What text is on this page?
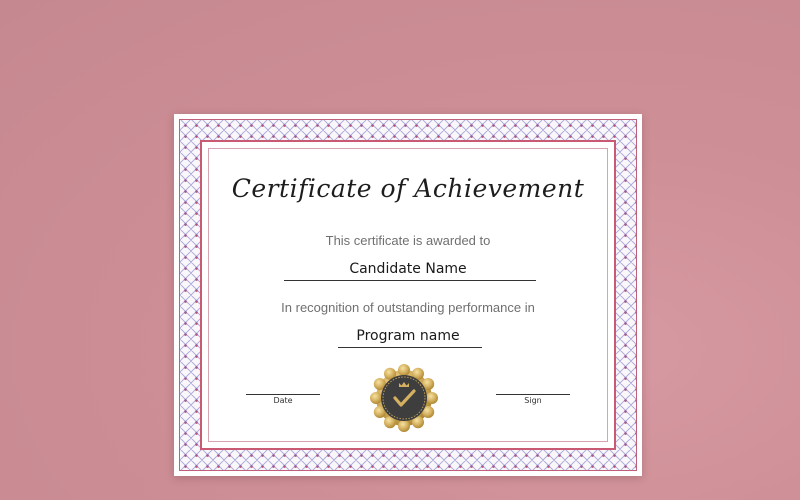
Certificate of Achievement
This certificate is awarded to
Candidate Name
In recognition of outstanding performance in
Program name
Date	Sign
